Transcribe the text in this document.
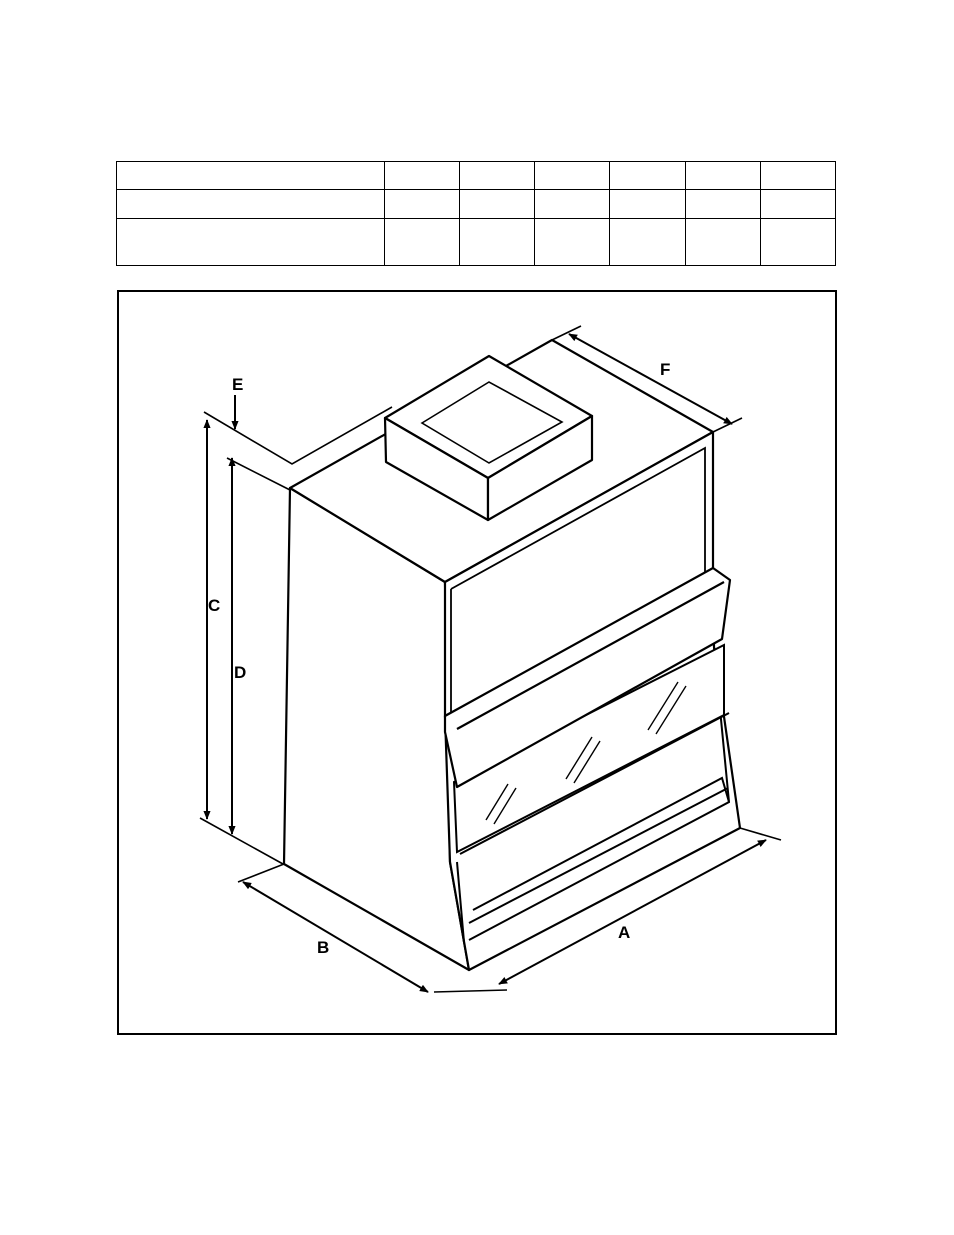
E
F
C
D
B
A
